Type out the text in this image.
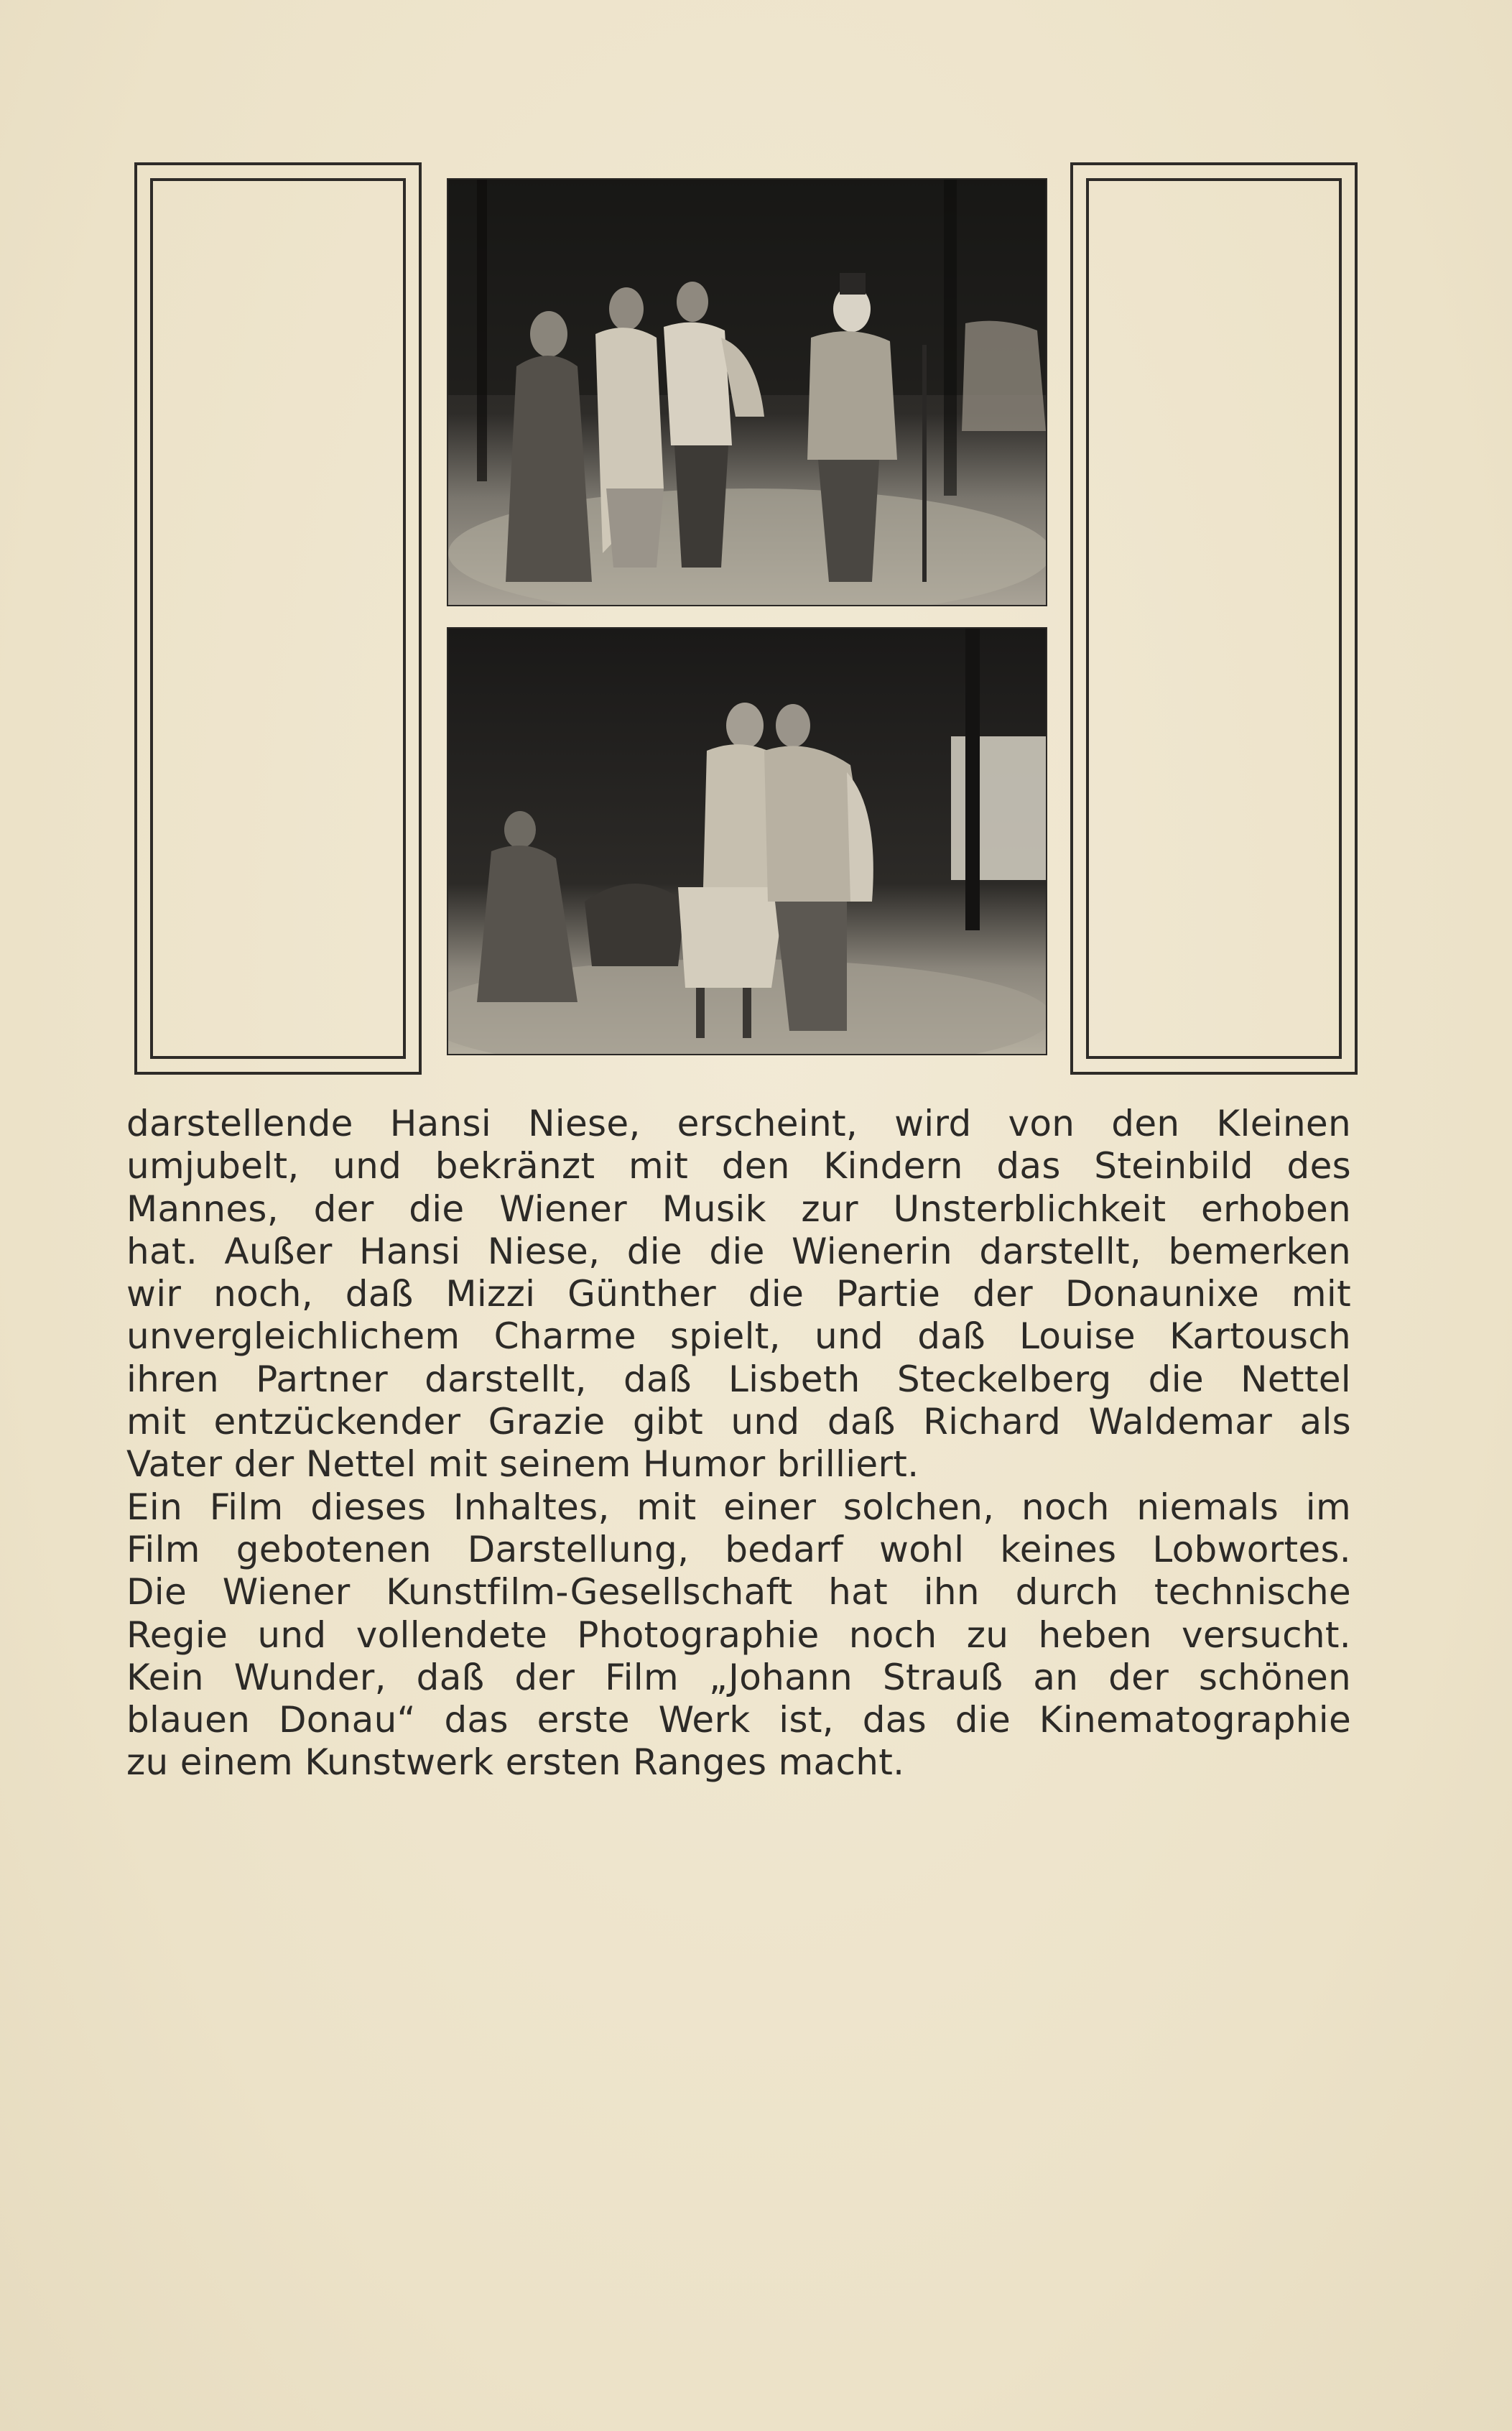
darstellende Hansi Niese, erscheint, wird von den Kleinen
umjubelt, und bekränzt mit den Kindern das Steinbild des
Mannes, der die Wiener Musik zur Unsterblichkeit erhoben
hat. Außer Hansi Niese, die die Wienerin darstellt, bemerken
wir noch, daß Mizzi Günther die Partie der Donaunixe mit
unvergleichlichem Charme spielt, und daß Louise Kartousch
ihren Partner darstellt, daß Lisbeth Steckelberg die Nettel
mit entzückender Grazie gibt und daß Richard Waldemar als
Vater der Nettel mit seinem Humor brilliert.
Ein Film dieses Inhaltes, mit einer solchen, noch niemals im
Film gebotenen Darstellung, bedarf wohl keines Lobwortes.
Die Wiener Kunstfilm-Gesellschaft hat ihn durch technische
Regie und vollendete Photographie noch zu heben versucht.
Kein Wunder, daß der Film „Johann Strauß an der schönen
blauen Donau“ das erste Werk ist, das die Kinematographie
zu einem Kunstwerk ersten Ranges macht.
